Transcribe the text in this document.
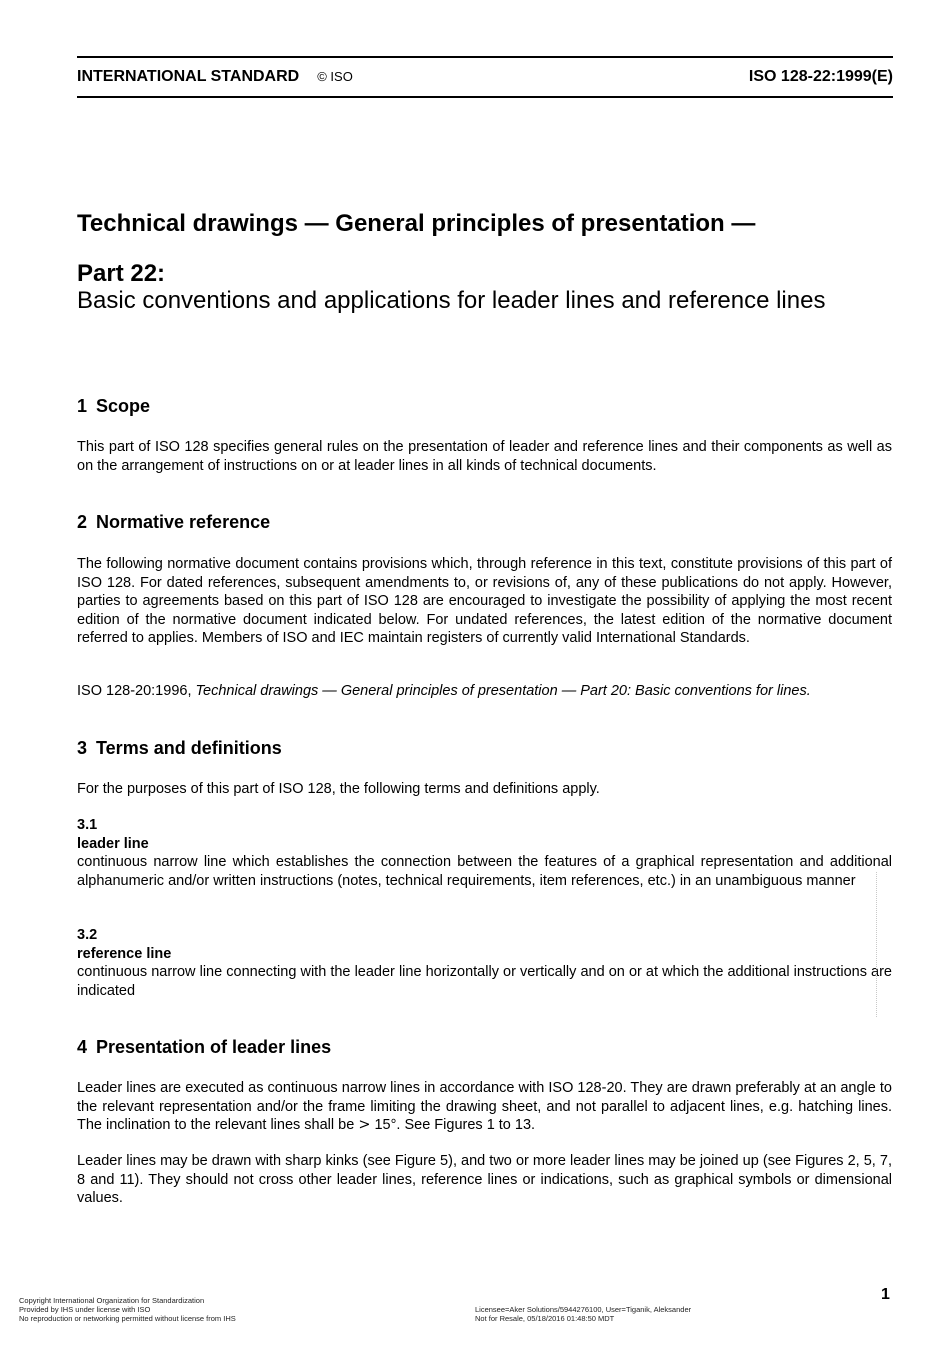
INTERNATIONAL STANDARD © ISO	ISO 128-22:1999(E)
Technical drawings — General principles of presentation —
Part 22:
Basic conventions and applications for leader lines and reference lines
1 Scope

This part of ISO 128 specifies general rules on the presentation of leader and reference lines and their components as well as on the arrangement of instructions on or at leader lines in all kinds of technical documents.

2 Normative reference

The following normative document contains provisions which, through reference in this text, constitute provisions of this part of ISO 128. For dated references, subsequent amendments to, or revisions of, any of these publications do not apply. However, parties to agreements based on this part of ISO 128 are encouraged to investigate the possibility of applying the most recent edition of the normative document indicated below. For undated references, the latest edition of the normative document referred to applies. Members of ISO and IEC maintain registers of currently valid International Standards.

ISO 128-20:1996, Technical drawings — General principles of presentation — Part 20: Basic conventions for lines.

3 Terms and definitions

For the purposes of this part of ISO 128, the following terms and definitions apply.

3.1
leader line
continuous narrow line which establishes the connection between the features of a graphical representation and additional alphanumeric and/or written instructions (notes, technical requirements, item references, etc.) in an unambiguous manner
3.2
reference line
continuous narrow line connecting with the leader line horizontally or vertically and on or at which the additional instructions are indicated
4 Presentation of leader lines

Leader lines are executed as continuous narrow lines in accordance with ISO 128-20. They are drawn preferably at an angle to the relevant representation and/or the frame limiting the drawing sheet, and not parallel to adjacent lines, e.g. hatching lines. The inclination to the relevant lines shall be > 15°. See Figures 1 to 13.

Leader lines may be drawn with sharp kinks (see Figure 5), and two or more leader lines may be joined up (see Figures 2, 5, 7, 8 and 11). They should not cross other leader lines, reference lines or indications, such as graphical symbols or dimensional values.

1
Copyright International Organization for Standardization
Provided by IHS under license with ISO
No reproduction or networking permitted without license from IHS
Licensee=Aker Solutions/5944276100, User=Tiganik, Aleksander
Not for Resale, 05/18/2016 01:48:50 MDT
